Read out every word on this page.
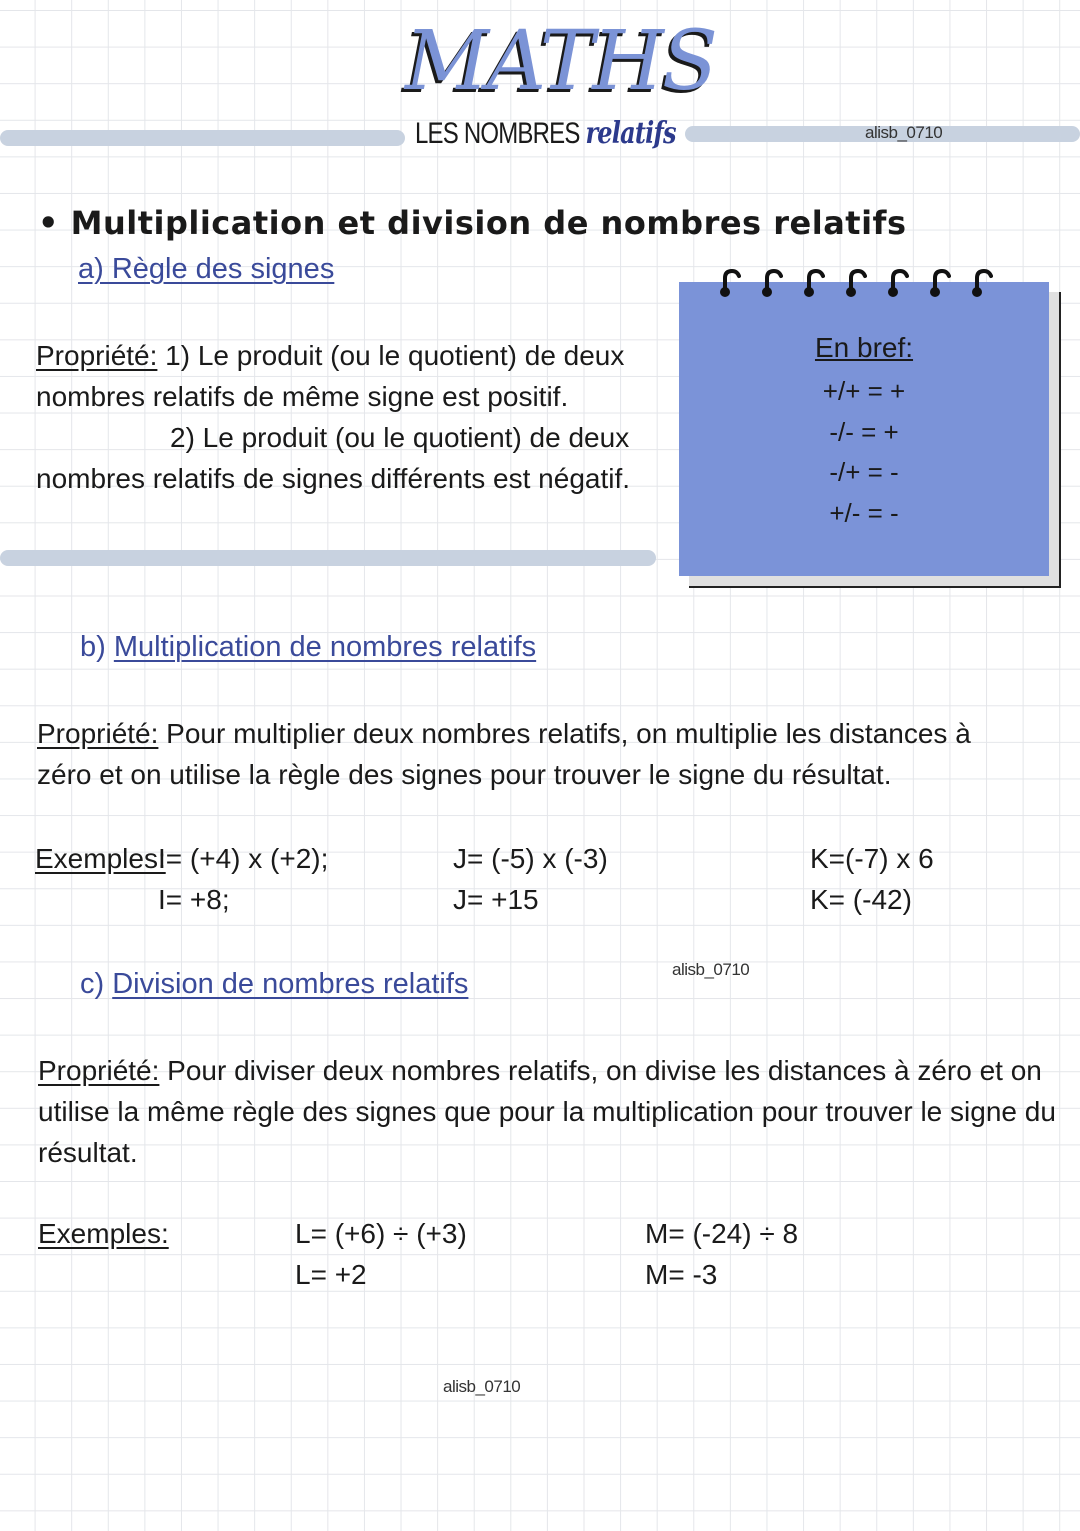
MATHS
LES NOMBRES relatifs	alisb_0710
• Multiplication et division de nombres relatifs
a) Règle des signes
Propriété: 1) Le produit (ou le quotient) de deux
nombres relatifs de même signe est positif.
2) Le produit (ou le quotient) de deux
nombres relatifs de signes différents est négatif.
En bref:
+/+ = +
-/- = +
-/+ = -
+/- = -
b) Multiplication de nombres relatifs
Propriété: Pour multiplier deux nombres relatifs, on multiplie les distances à
zéro et on utilise la règle des signes pour trouver le signe du résultat.
Exemples:
I= (+4) x (+2);
I= +8;
J= (-5) x (-3)
J= +15
K=(-7) x 6
K= (-42)
alisb_0710
c) Division de nombres relatifs
Propriété: Pour diviser deux nombres relatifs, on divise les distances à zéro et on
utilise la même règle des signes que pour la multiplication pour trouver le signe du
résultat.
Exemples:	L= (+6) ÷ (+3)
L= +2
M= (-24) ÷ 8
M= -3
alisb_0710
